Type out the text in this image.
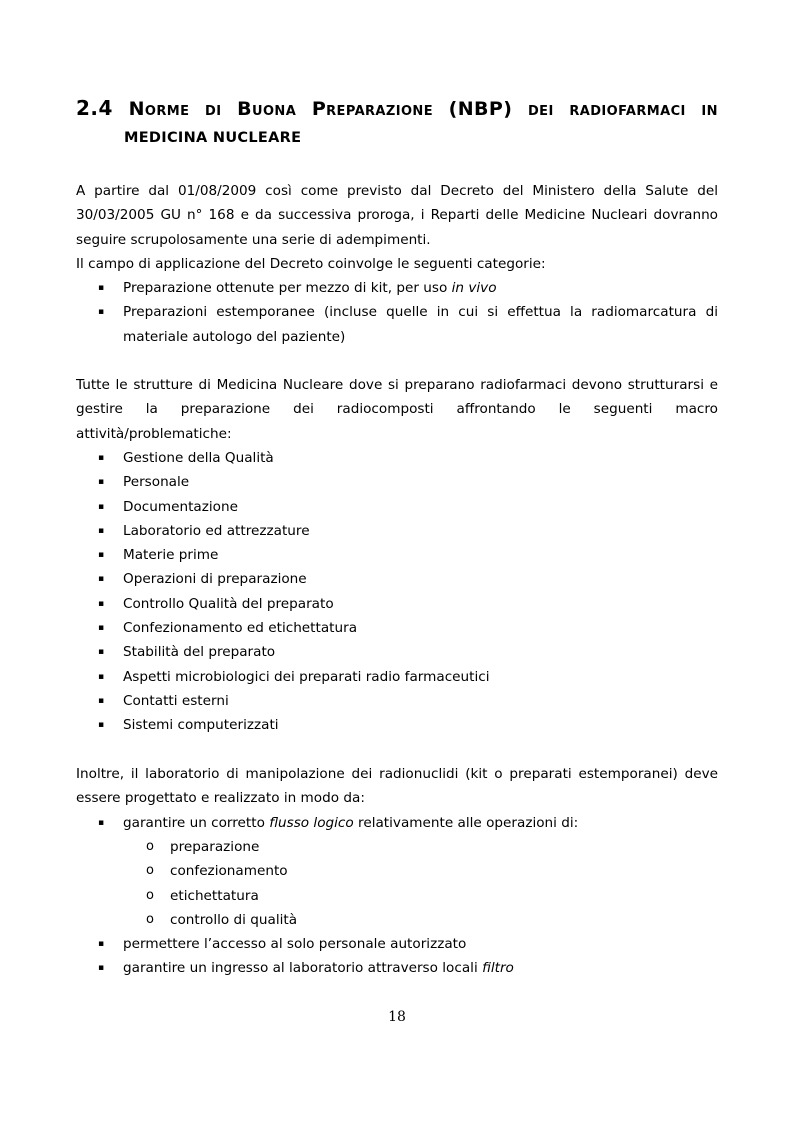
2.4 Norme di Buona Preparazione (NBP) dei radiofarmaci in
MEDICINA NUCLEARE
A partire dal 01/08/2009 così come previsto dal Decreto del Ministero della Salute del
30/03/2005 GU n° 168 e da successiva proroga, i Reparti delle Medicine Nucleari dovranno
seguire scrupolosamente una serie di adempimenti.
Il campo di applicazione del Decreto coinvolge le seguenti categorie:
▪ Preparazione ottenute per mezzo di kit, per uso in vivo
▪ Preparazioni estemporanee (incluse quelle in cui si effettua la radiomarcatura di
materiale autologo del paziente)
Tutte le strutture di Medicina Nucleare dove si preparano radiofarmaci devono strutturarsi e
gestire la preparazione dei radiocomposti affrontando le seguenti macro
attività/problematiche:
▪ Gestione della Qualità
▪ Personale
▪ Documentazione
▪ Laboratorio ed attrezzature
▪ Materie prime
▪ Operazioni di preparazione
▪ Controllo Qualità del preparato
▪ Confezionamento ed etichettatura
▪ Stabilità del preparato
▪ Aspetti microbiologici dei preparati radio farmaceutici
▪ Contatti esterni
▪ Sistemi computerizzati
Inoltre, il laboratorio di manipolazione dei radionuclidi (kit o preparati estemporanei) deve
essere progettato e realizzato in modo da:
▪ garantire un corretto flusso logico relativamente alle operazioni di:
o preparazione
o confezionamento
o etichettatura
o controllo di qualità
▪ permettere l’accesso al solo personale autorizzato
▪ garantire un ingresso al laboratorio attraverso locali filtro
18
